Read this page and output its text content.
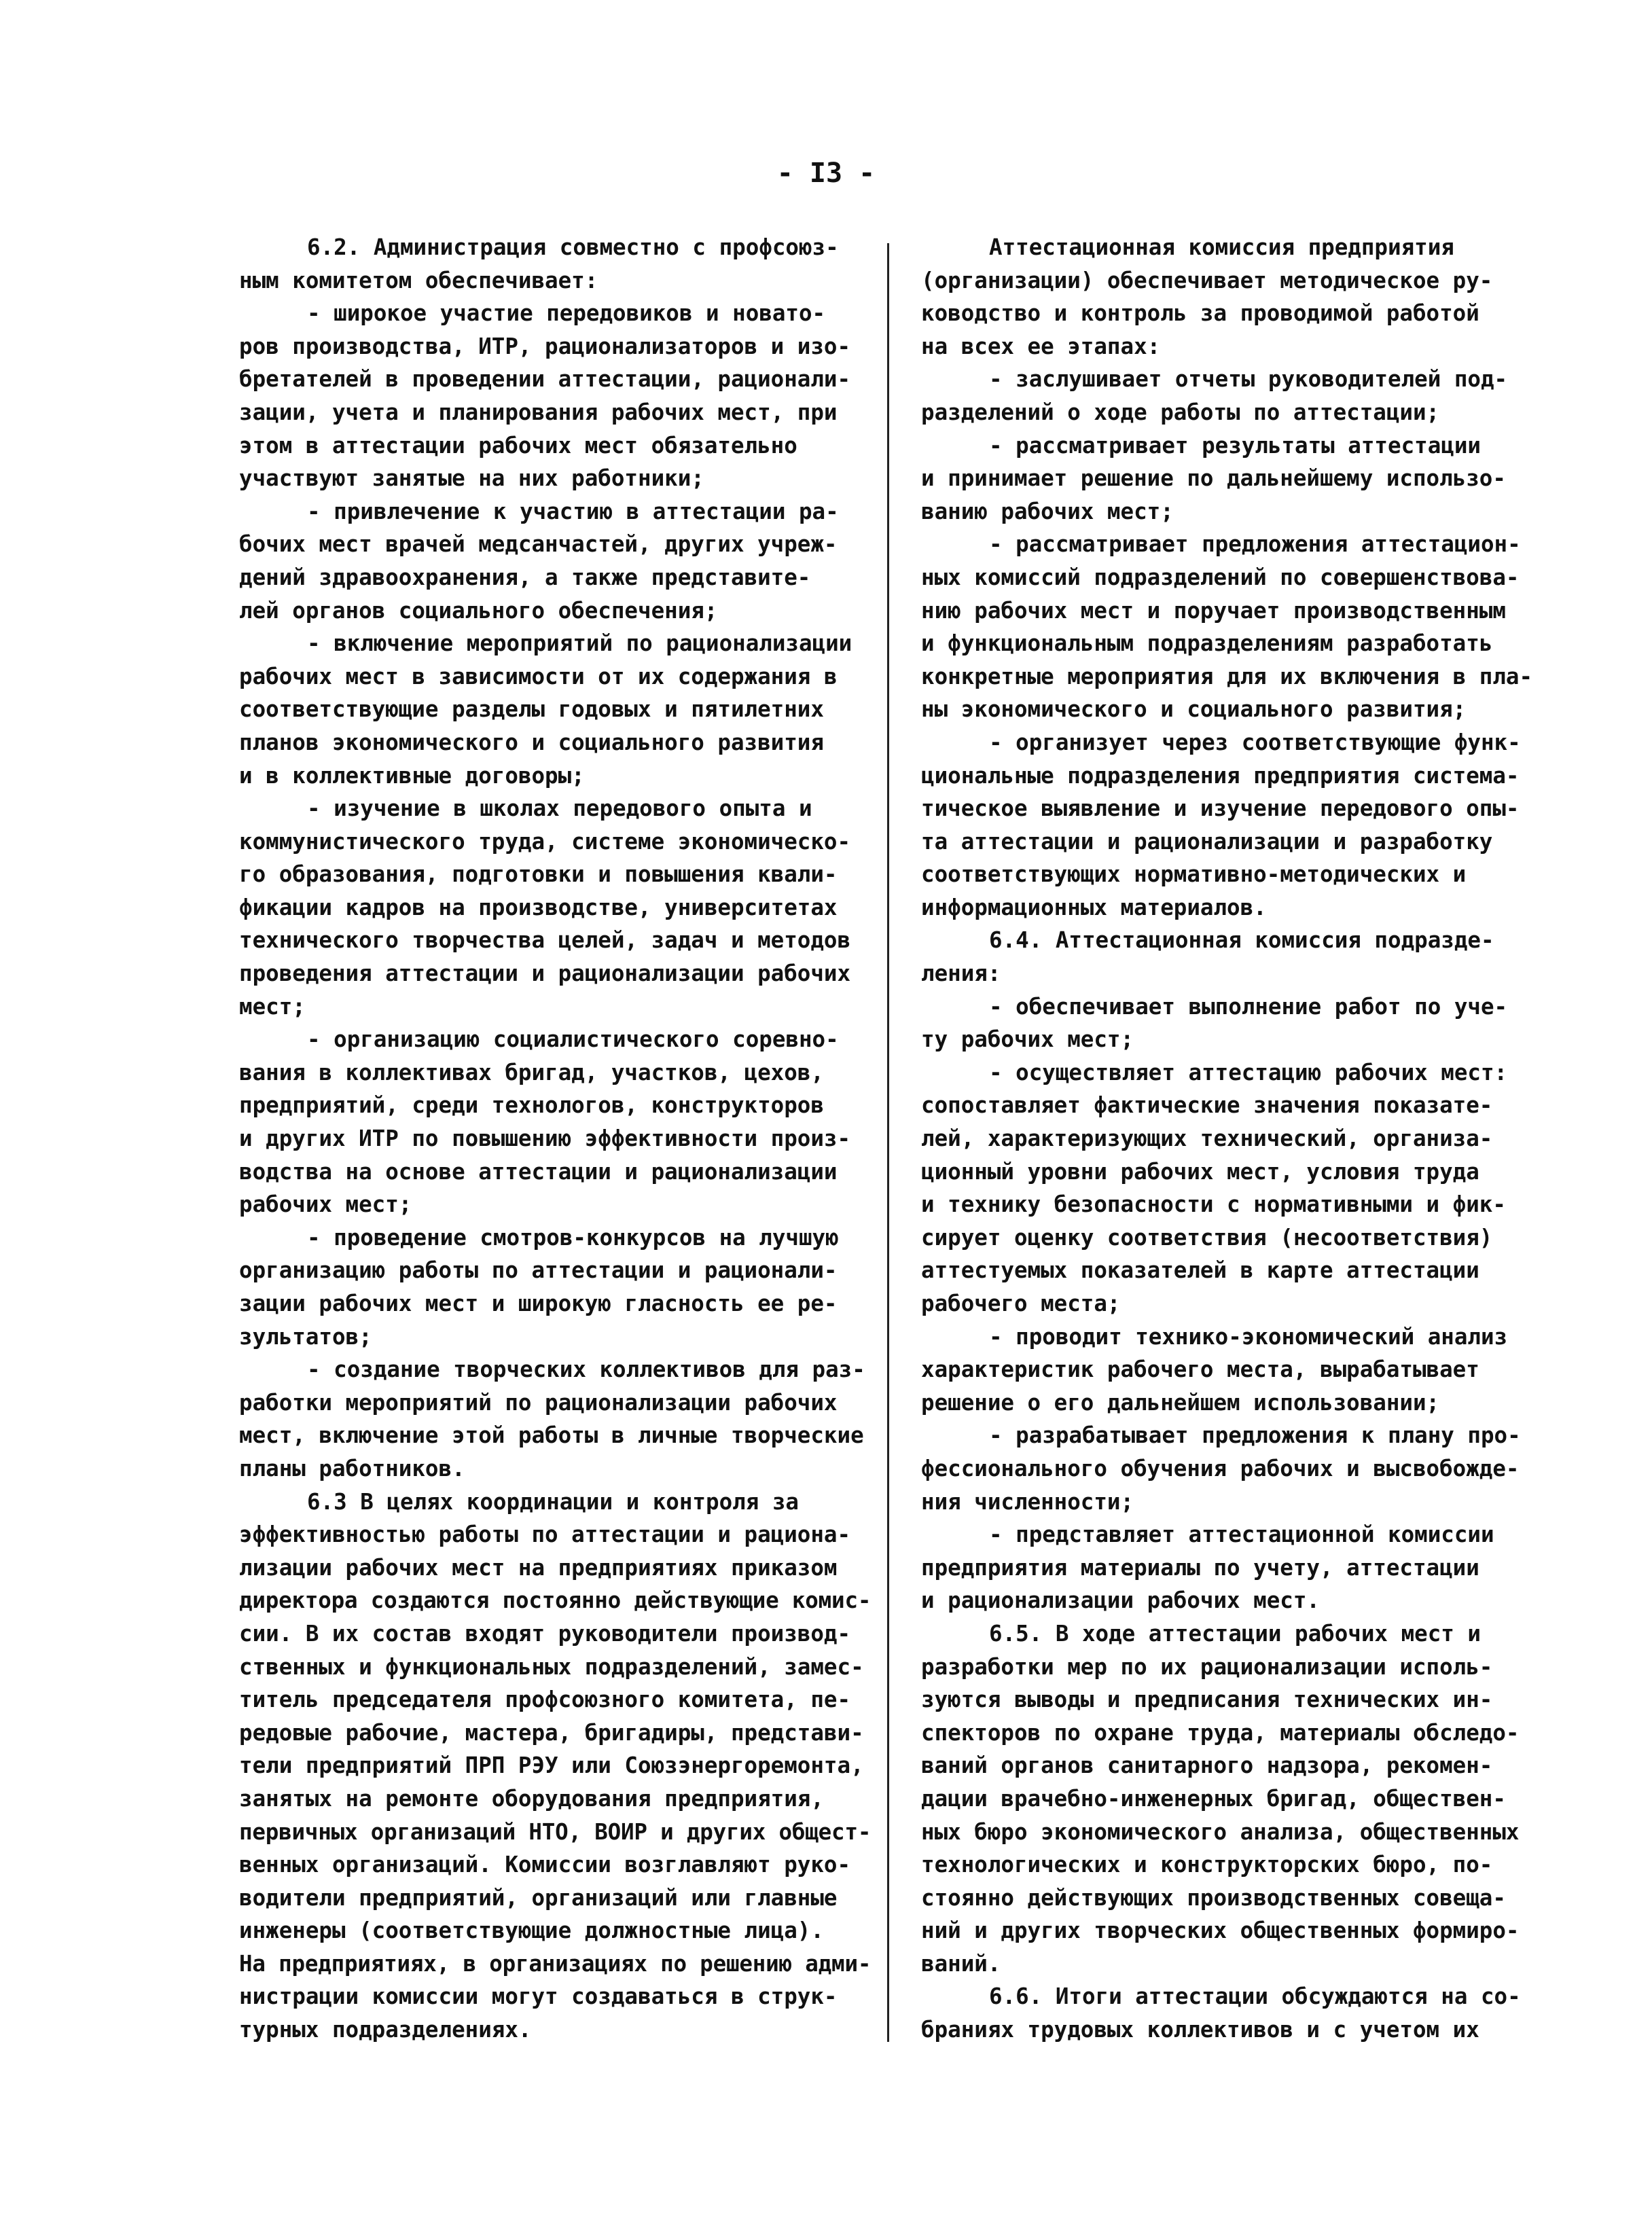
- I3 -
6.2. Администрация совместно с профсоюз-
ным комитетом обеспечивает:
- широкое участие передовиков и новато-
ров производства, ИТР, рационализаторов и изо-
бретателей в проведении аттестации, рационали-
зации, учета и планирования рабочих мест, при
этом в аттестации рабочих мест обязательно
участвуют занятые на них работники;
- привлечение к участию в аттестации ра-
бочих мест врачей медсанчастей, других учреж-
дений здравоохранения, а также представите-
лей органов социального обеспечения;
- включение мероприятий по рационализации
рабочих мест в зависимости от их содержания в
соответствующие разделы годовых и пятилетних
планов экономического и социального развития
и в коллективные договоры;
- изучение в школах передового опыта и
коммунистического труда, системе экономическо-
го образования, подготовки и повышения квали-
фикации кадров на производстве, университетах
технического творчества целей, задач и методов
проведения аттестации и рационализации рабочих
мест;
- организацию социалистического соревно-
вания в коллективах бригад, участков, цехов,
предприятий, среди технологов, конструкторов
и других ИТР по повышению эффективности произ-
водства на основе аттестации и рационализации
рабочих мест;
- проведение смотров-конкурсов на лучшую
организацию работы по аттестации и рационали-
зации рабочих мест и широкую гласность ее ре-
зультатов;
- создание творческих коллективов для раз-
работки мероприятий по рационализации рабочих
мест, включение этой работы в личные творческие
планы работников.
6.3 В целях координации и контроля за
эффективностью работы по аттестации и рациона-
лизации рабочих мест на предприятиях приказом
директора создаются постоянно действующие комис-
сии. В их состав входят руководители производ-
ственных и функциональных подразделений, замес-
титель председателя профсоюзного комитета, пе-
редовые рабочие, мастера, бригадиры, представи-
тели предприятий ПРП РЭУ или Союзэнергоремонта,
занятых на ремонте оборудования предприятия,
первичных организаций НТО, ВОИР и других общест-
венных организаций. Комиссии возглавляют руко-
водители предприятий, организаций или главные
инженеры (соответствующие должностные лица).
На предприятиях, в организациях по решению адми-
нистрации комиссии могут создаваться в струк-
турных подразделениях.
Аттестационная комиссия предприятия
(организации) обеспечивает методическое ру-
ководство и контроль за проводимой работой
на всех ее этапах:
- заслушивает отчеты руководителей под-
разделений о ходе работы по аттестации;
- рассматривает результаты аттестации
и принимает решение по дальнейшему использо-
ванию рабочих мест;
- рассматривает предложения аттестацион-
ных комиссий подразделений по совершенствова-
нию рабочих мест и поручает производственным
и функциональным подразделениям разработать
конкретные мероприятия для их включения в пла-
ны экономического и социального развития;
- организует через соответствующие функ-
циональные подразделения предприятия система-
тическое выявление и изучение передового опы-
та аттестации и рационализации и разработку
соответствующих нормативно-методических и
информационных материалов.
6.4. Аттестационная комиссия подразде-
ления:
- обеспечивает выполнение работ по уче-
ту рабочих мест;
- осуществляет аттестацию рабочих мест:
сопоставляет фактические значения показате-
лей, характеризующих технический, организа-
ционный уровни рабочих мест, условия труда
и технику безопасности с нормативными и фик-
сирует оценку соответствия (несоответствия)
аттестуемых показателей в карте аттестации
рабочего места;
- проводит технико-экономический анализ
характеристик рабочего места, вырабатывает
решение о его дальнейшем использовании;
- разрабатывает предложения к плану про-
фессионального обучения рабочих и высвобожде-
ния численности;
- представляет аттестационной комиссии
предприятия материалы по учету, аттестации
и рационализации рабочих мест.
6.5. В ходе аттестации рабочих мест и
разработки мер по их рационализации исполь-
зуются выводы и предписания технических ин-
спекторов по охране труда, материалы обследо-
ваний органов санитарного надзора, рекомен-
дации врачебно-инженерных бригад, обществен-
ных бюро экономического анализа, общественных
технологических и конструкторских бюро, по-
стоянно действующих производственных совеща-
ний и других творческих общественных формиро-
ваний.
6.6. Итоги аттестации обсуждаются на со-
браниях трудовых коллективов и с учетом их
